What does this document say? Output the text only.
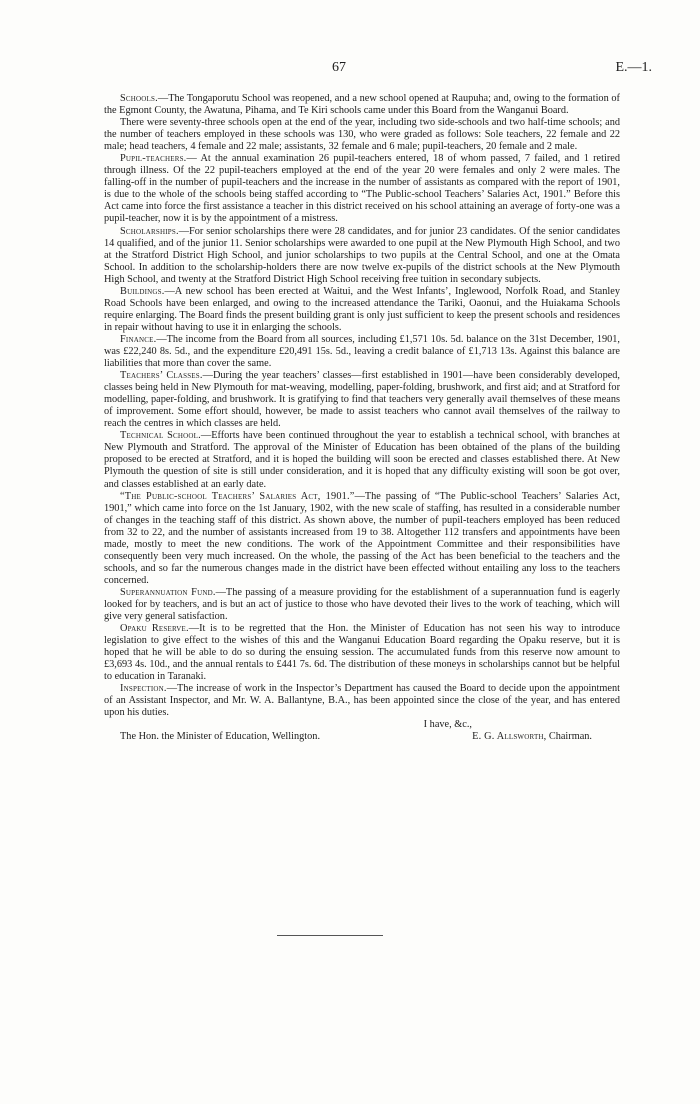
67	E.—1.

Schools.—The Tongaporutu School was reopened, and a new school opened at Raupuha; and, owing to the formation of the Egmont County, the Awatuna, Pihama, and Te Kiri schools came under this Board from the Wanganui Board.

There were seventy-three schools open at the end of the year, including two side-schools and two half-time schools; and the number of teachers employed in these schools was 130, who were graded as follows: Sole teachers, 22 female and 22 male; head teachers, 4 female and 22 male; assistants, 32 female and 6 male; pupil-teachers, 20 female and 2 male.

Pupil-teachers.— At the annual examination 26 pupil-teachers entered, 18 of whom passed, 7 failed, and 1 retired through illness. Of the 22 pupil-teachers employed at the end of the year 20 were females and only 2 were males. The falling-off in the number of pupil-teachers and the increase in the number of assistants as compared with the report of 1901, is due to the whole of the schools being staffed according to “The Public-school Teachers’ Salaries Act, 1901.” Before this Act came into force the first assistance a teacher in this district received on his school attaining an average of forty-one was a pupil-teacher, now it is by the appointment of a mistress.

Scholarships.—For senior scholarships there were 28 candidates, and for junior 23 candidates. Of the senior candidates 14 qualified, and of the junior 11. Senior scholarships were awarded to one pupil at the New Plymouth High School, and two at the Stratford District High School, and junior scholarships to two pupils at the Central School, and one at the Omata School. In addition to the scholarship-holders there are now twelve ex-pupils of the district schools at the New Plymouth High School, and twenty at the Stratford District High School receiving free tuition in secondary subjects.

Buildings.—A new school has been erected at Waitui, and the West Infants’, Inglewood, Norfolk Road, and Stanley Road Schools have been enlarged, and owing to the increased attendance the Tariki, Oaonui, and the Huiakama Schools require enlarging. The Board finds the present building grant is only just sufficient to keep the present schools and residences in repair without having to use it in enlarging the schools.

Finance.—The income from the Board from all sources, including £1,571 10s. 5d. balance on the 31st December, 1901, was £22,240 8s. 5d., and the expenditure £20,491 15s. 5d., leaving a credit balance of £1,713 13s. Against this balance are liabilities that more than cover the same.

Teachers’ Classes.—During the year teachers’ classes—first established in 1901—have been considerably developed, classes being held in New Plymouth for mat-weaving, modelling, paper-folding, brushwork, and first aid; and at Stratford for modelling, paper-folding, and brushwork. It is gratifying to find that teachers very generally avail themselves of these means of improvement. Some effort should, however, be made to assist teachers who cannot avail themselves of the railway to reach the centres in which classes are held.

Technical School.—Efforts have been continued throughout the year to establish a technical school, with branches at New Plymouth and Stratford. The approval of the Minister of Education has been obtained of the plans of the building proposed to be erected at Stratford, and it is hoped the building will soon be erected and classes established there. At New Plymouth the question of site is still under consideration, and it is hoped that any difficulty existing will soon be got over, and classes established at an early date.

“The Public-school Teachers’ Salaries Act, 1901.”—The passing of “The Public-school Teachers’ Salaries Act, 1901,” which came into force on the 1st January, 1902, with the new scale of staffing, has resulted in a considerable number of changes in the teaching staff of this district. As shown above, the number of pupil-teachers employed has been reduced from 32 to 22, and the number of assistants increased from 19 to 38. Altogether 112 transfers and appointments have been made, mostly to meet the new conditions. The work of the Appointment Committee and their responsibilities have consequently been very much increased. On the whole, the passing of the Act has been beneficial to the teachers and the schools, and so far the numerous changes made in the district have been effected without entailing any loss to the teachers concerned.

Superannuation Fund.—The passing of a measure providing for the establishment of a superannuation fund is eagerly looked for by teachers, and is but an act of justice to those who have devoted their lives to the work of teaching, which will give very general satisfaction.

Opaku Reserve.—It is to be regretted that the Hon. the Minister of Education has not seen his way to introduce legislation to give effect to the wishes of this and the Wanganui Education Board regarding the Opaku reserve, but it is hoped that he will be able to do so during the ensuing session. The accumulated funds from this reserve now amount to £3,693 4s. 10d., and the annual rentals to £441 7s. 6d. The distribution of these moneys in scholarships cannot but be helpful to education in Taranaki.

Inspection.—The increase of work in the Inspector’s Department has caused the Board to decide upon the appointment of an Assistant Inspector, and Mr. W. A. Ballantyne, B.A., has been appointed since the close of the year, and has entered upon his duties.

I have, &c.,

The Hon. the Minister of Education, Wellington.	E. G. Allsworth, Chairman.
